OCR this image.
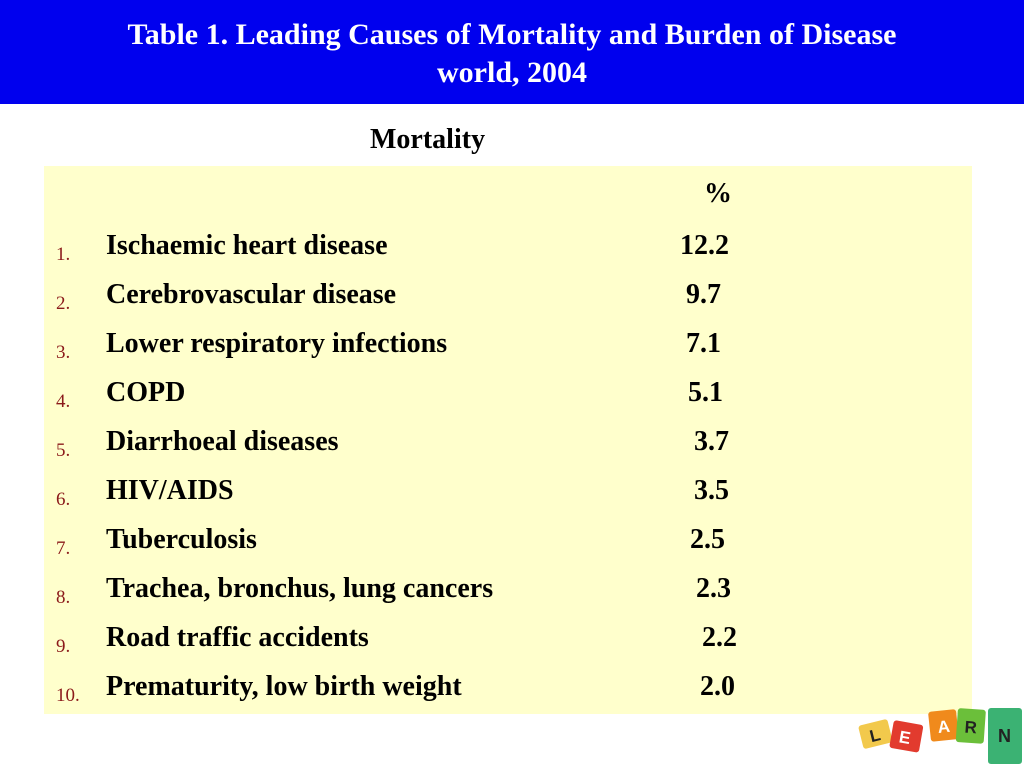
Table 1. Leading Causes of Mortality and Burden of Disease
world, 2004
Mortality
%
1. Ischaemic heart disease	12.2
2. Cerebrovascular disease	9.7
3. Lower respiratory infections	7.1
4. COPD	5.1
5. Diarrhoeal diseases	3.7
6. HIV/AIDS	3.5
7. Tuberculosis	2.5
8. Trachea, bronchus, lung cancers	2.3
9. Road traffic accidents	2.2
10. Prematurity, low birth weight	2.0
L E
A R N
